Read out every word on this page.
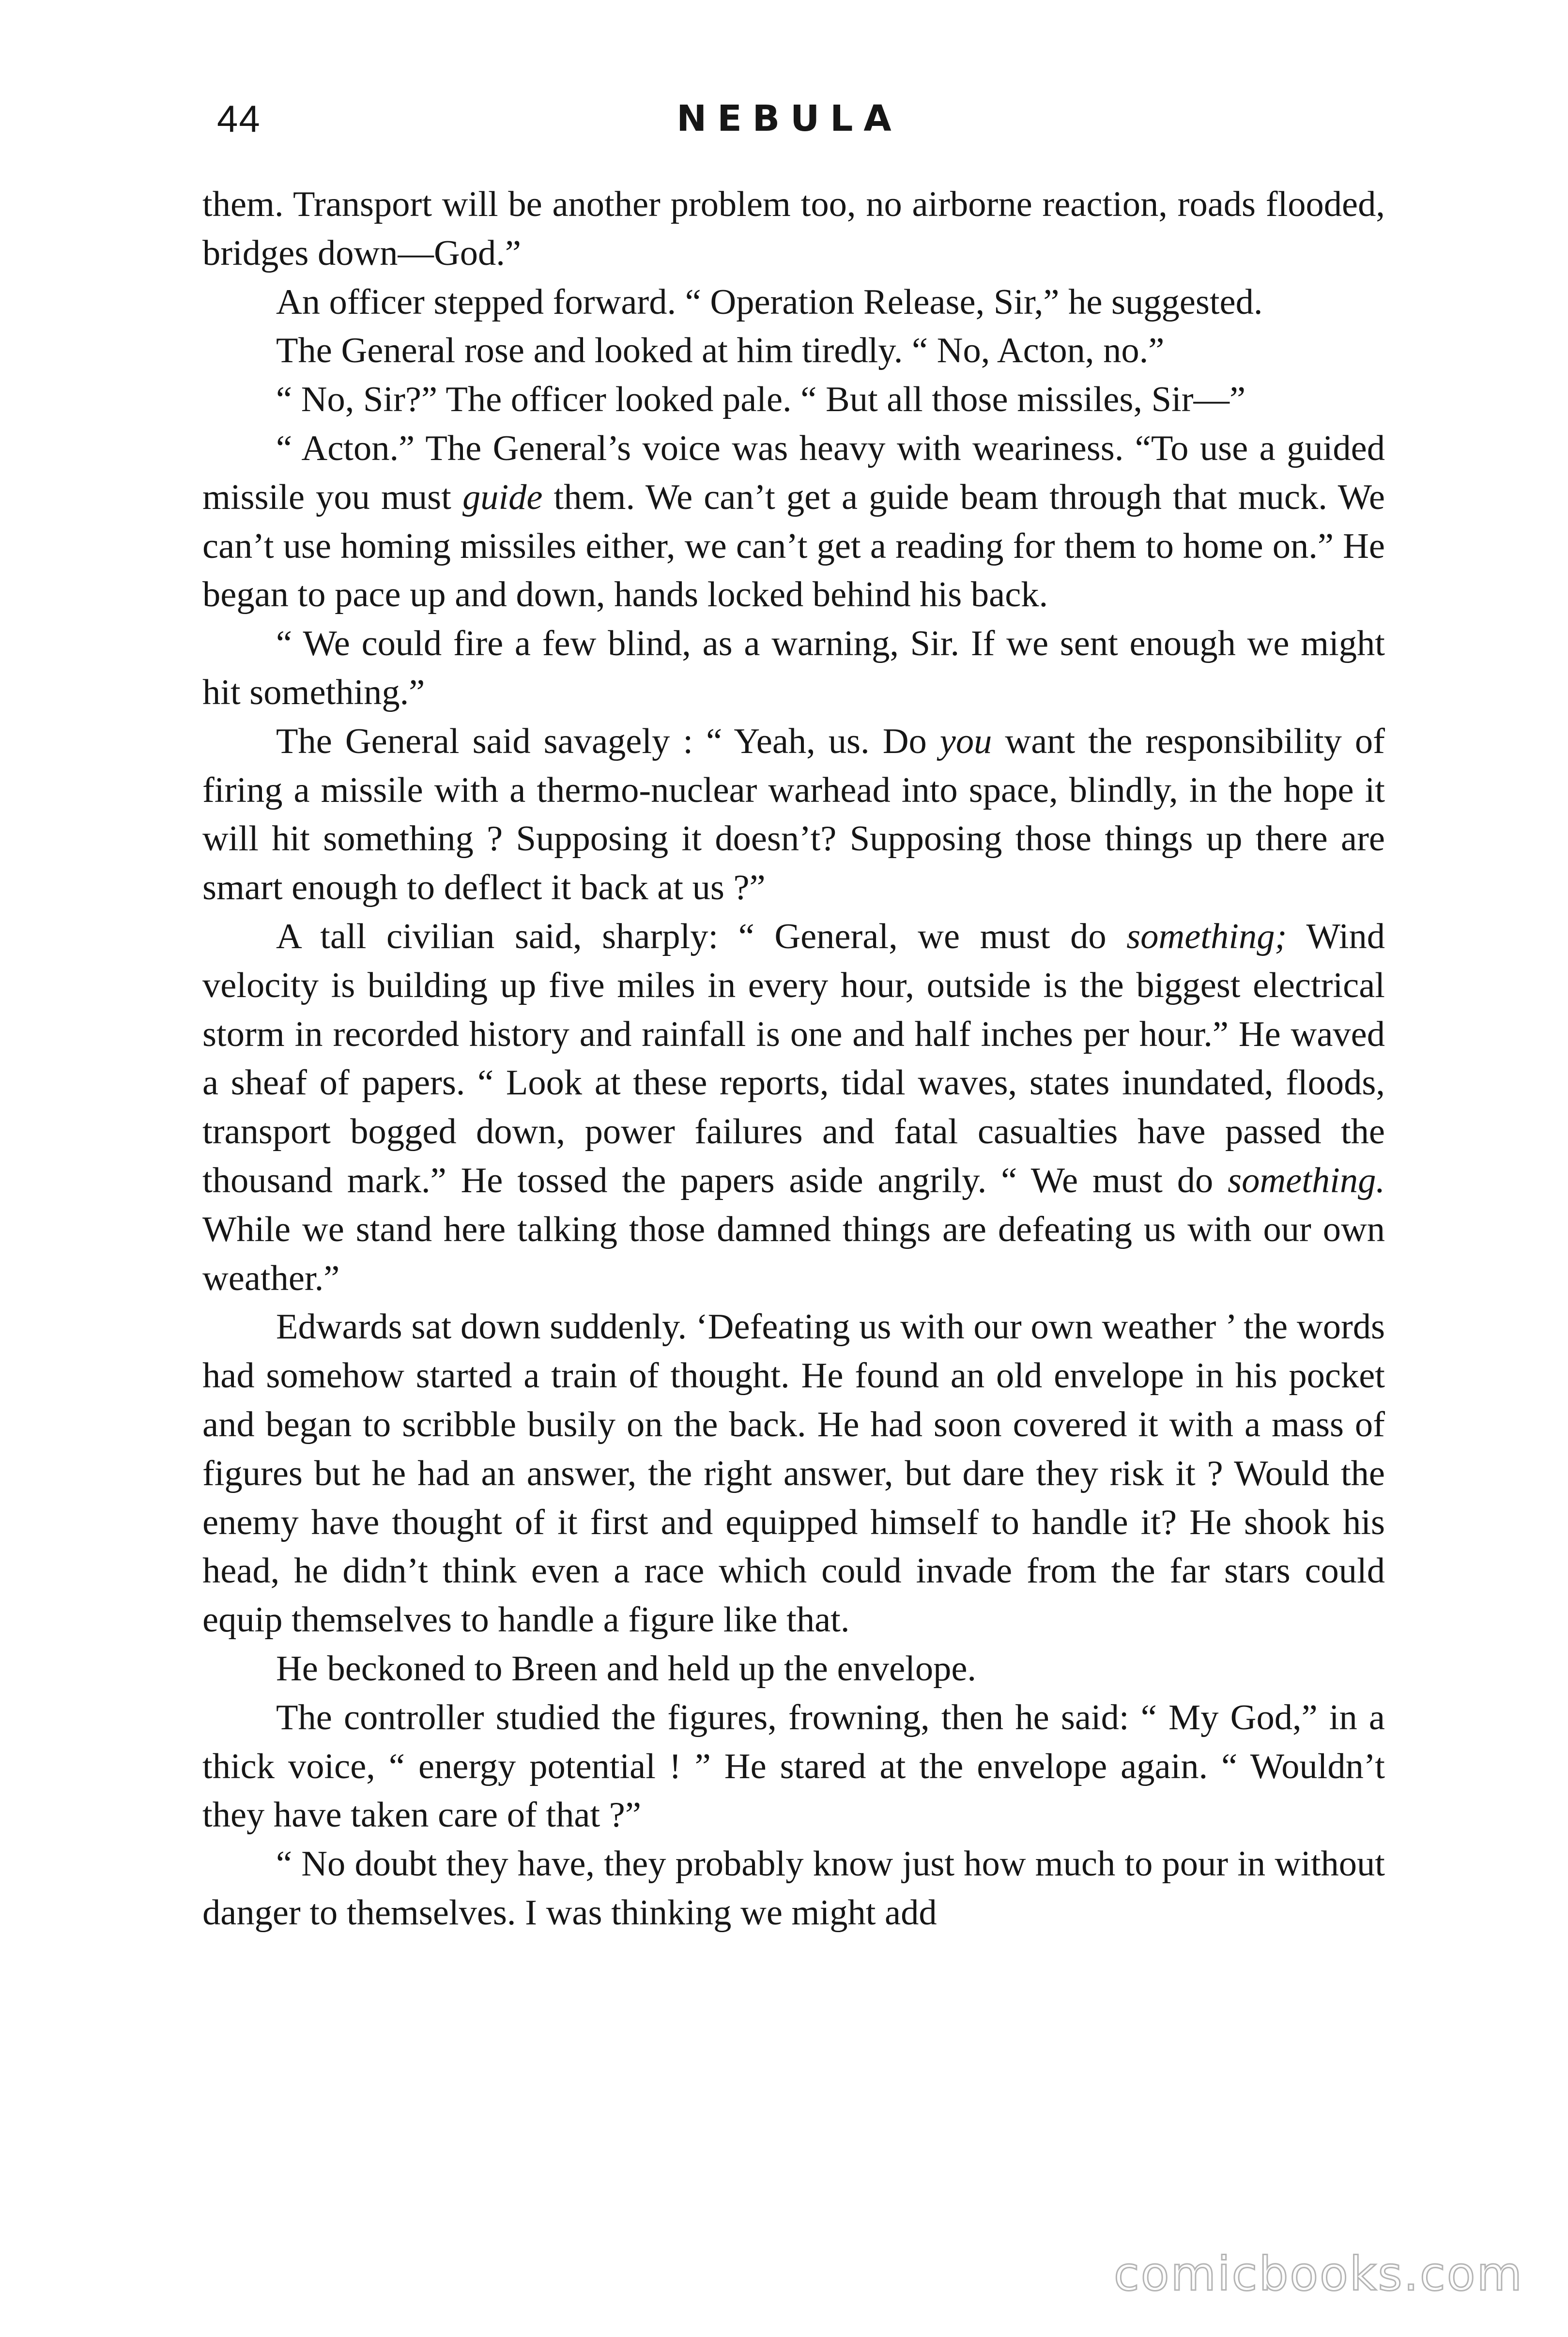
44	NEBULA

them. Transport will be another problem too, no airborne reaction, roads flooded, bridges down—God.”

An officer stepped forward. “ Operation Release, Sir,” he suggested.

The General rose and looked at him tiredly. “ No, Acton, no.”

“ No, Sir?” The officer looked pale. “ But all those missiles, Sir—”

“ Acton.” The General’s voice was heavy with weariness. “To use a guided missile you must guide them. We can’t get a guide beam through that muck. We can’t use homing missiles either, we can’t get a reading for them to home on.” He began to pace up and down, hands locked behind his back.

“ We could fire a few blind, as a warning, Sir. If we sent enough we might hit something.”

The General said savagely : “ Yeah, us. Do you want the responsibility of firing a missile with a thermo-nuclear warhead into space, blindly, in the hope it will hit something ? Supposing it doesn’t? Supposing those things up there are smart enough to deflect it back at us ?”

A tall civilian said, sharply: “ General, we must do something; Wind velocity is building up five miles in every hour, outside is the biggest electrical storm in recorded history and rainfall is one and half inches per hour.” He waved a sheaf of papers. “ Look at these reports, tidal waves, states inundated, floods, transport bogged down, power failures and fatal casualties have passed the thousand mark.” He tossed the papers aside angrily. “ We must do something. While we stand here talking those damned things are defeating us with our own weather.”

Edwards sat down suddenly. ‘Defeating us with our own weather ’ the words had somehow started a train of thought. He found an old envelope in his pocket and began to scribble busily on the back. He had soon covered it with a mass of figures but he had an answer, the right answer, but dare they risk it ? Would the enemy have thought of it first and equipped himself to handle it? He shook his head, he didn’t think even a race which could invade from the far stars could equip themselves to handle a figure like that.

He beckoned to Breen and held up the envelope.

The controller studied the figures, frowning, then he said: “ My God,” in a thick voice, “ energy potential ! ” He stared at the envelope again. “ Wouldn’t they have taken care of that ?”

“ No doubt they have, they probably know just how much to pour in without danger to themselves. I was thinking we might add

comicbooks.com
